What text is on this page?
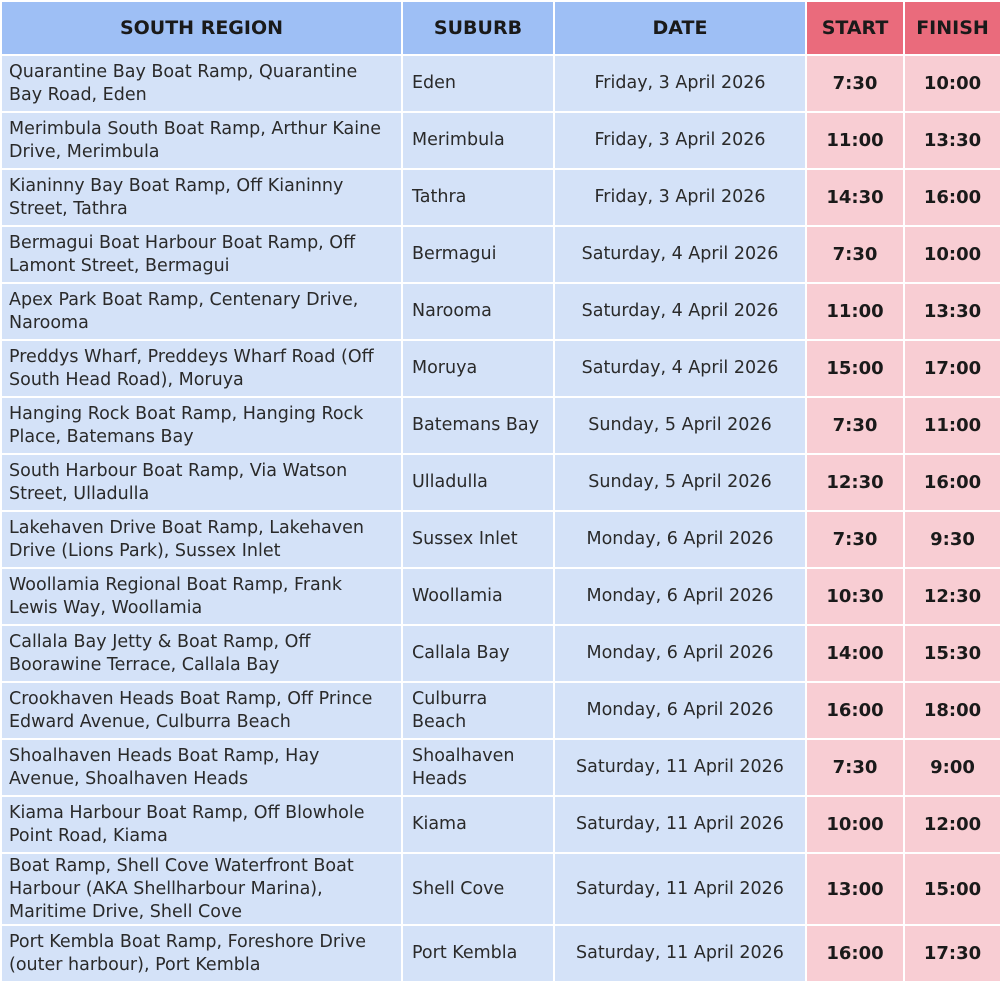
SOUTH REGION	SUBURB	DATE	START	FINISH
Quarantine Bay Boat Ramp, Quarantine Bay Road, Eden	Eden	Friday, 3 April 2026	7:30	10:00
Merimbula South Boat Ramp, Arthur Kaine Drive, Merimbula	Merimbula	Friday, 3 April 2026	11:00	13:30
Kianinny Bay Boat Ramp, Off Kianinny Street, Tathra	Tathra	Friday, 3 April 2026	14:30	16:00
Bermagui Boat Harbour Boat Ramp, Off Lamont Street, Bermagui	Bermagui	Saturday, 4 April 2026	7:30	10:00
Apex Park Boat Ramp, Centenary Drive, Narooma	Narooma	Saturday, 4 April 2026	11:00	13:30
Preddys Wharf, Preddeys Wharf Road (Off South Head Road), Moruya	Moruya	Saturday, 4 April 2026	15:00	17:00
Hanging Rock Boat Ramp, Hanging Rock Place, Batemans Bay	Batemans Bay	Sunday, 5 April 2026	7:30	11:00
South Harbour Boat Ramp, Via Watson Street, Ulladulla	Ulladulla	Sunday, 5 April 2026	12:30	16:00
Lakehaven Drive Boat Ramp, Lakehaven Drive (Lions Park), Sussex Inlet	Sussex Inlet	Monday, 6 April 2026	7:30	9:30
Woollamia Regional Boat Ramp, Frank Lewis Way, Woollamia	Woollamia	Monday, 6 April 2026	10:30	12:30
Callala Bay Jetty & Boat Ramp, Off Boorawine Terrace, Callala Bay	Callala Bay	Monday, 6 April 2026	14:00	15:30
Crookhaven Heads Boat Ramp, Off Prince Edward Avenue, Culburra Beach	Culburra Beach	Monday, 6 April 2026	16:00	18:00
Shoalhaven Heads Boat Ramp, Hay Avenue, Shoalhaven Heads	Shoalhaven Heads	Saturday, 11 April 2026	7:30	9:00
Kiama Harbour Boat Ramp, Off Blowhole Point Road, Kiama	Kiama	Saturday, 11 April 2026	10:00	12:00
Boat Ramp, Shell Cove Waterfront Boat Harbour (AKA Shellharbour Marina), Maritime Drive, Shell Cove	Shell Cove	Saturday, 11 April 2026	13:00	15:00
Port Kembla Boat Ramp, Foreshore Drive (outer harbour), Port Kembla	Port Kembla	Saturday, 11 April 2026	16:00	17:30
